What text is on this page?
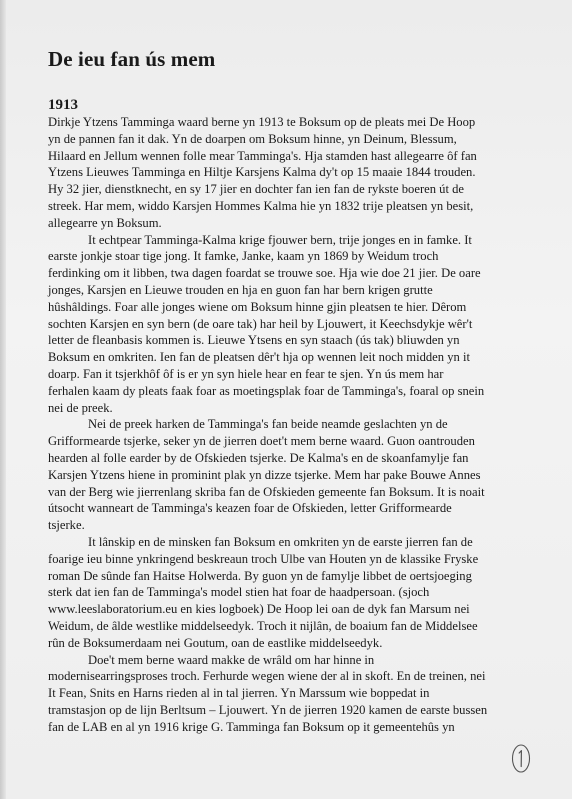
De ieu fan ús mem
1913
Dirkje Ytzens Tamminga waard berne yn 1913 te Boksum op de pleats mei De Hoop
yn de pannen fan it dak. Yn de doarpen om Boksum hinne, yn Deinum, Blessum,
Hilaard en Jellum wennen folle mear Tamminga's. Hja stamden hast allegearre ôf fan
Ytzens Lieuwes Tamminga en Hiltje Karsjens Kalma dy't op 15 maaie 1844 trouden.
Hy 32 jier, dienstknecht, en sy 17 jier en dochter fan ien fan de rykste boeren út de
streek. Har mem, widdo Karsjen Hommes Kalma hie yn 1832 trije pleatsen yn besit,
allegearre yn Boksum.
It echtpear Tamminga-Kalma krige fjouwer bern, trije jonges en in famke. It
earste jonkje stoar tige jong. It famke, Janke, kaam yn 1869 by Weidum troch
ferdinking om it libben, twa dagen foardat se trouwe soe. Hja wie doe 21 jier. De oare
jonges, Karsjen en Lieuwe trouden en hja en guon fan har bern krigen grutte
hûshâldings. Foar alle jonges wiene om Boksum hinne gjin pleatsen te hier. Dêrom
sochten Karsjen en syn bern (de oare tak) har heil by Ljouwert, it Keechsdykje wêr't
letter de fleanbasis kommen is. Lieuwe Ytsens en syn staach (ús tak) bliuwden yn
Boksum en omkriten. Ien fan de pleatsen dêr't hja op wennen leit noch midden yn it
doarp. Fan it tsjerkhôf ôf is er yn syn hiele hear en fear te sjen. Yn ús mem har
ferhalen kaam dy pleats faak foar as moetingsplak foar de Tamminga's, foaral op snein
nei de preek.
Nei de preek harken de Tamminga's fan beide neamde geslachten yn de
Grifformearde tsjerke, seker yn de jierren doet't mem berne waard. Guon oantrouden
hearden al folle earder by de Ofskieden tsjerke. De Kalma's en de skoanfamylje fan
Karsjen Ytzens hiene in prominint plak yn dizze tsjerke. Mem har pake Bouwe Annes
van der Berg wie jierrenlang skriba fan de Ofskieden gemeente fan Boksum. It is noait
útsocht wanneart de Tamminga's keazen foar de Ofskieden, letter Grifformearde
tsjerke.
It lânskip en de minsken fan Boksum en omkriten yn de earste jierren fan de
foarige ieu binne ynkringend beskreaun troch Ulbe van Houten yn de klassike Fryske
roman De sûnde fan Haitse Holwerda. By guon yn de famylje libbet de oertsjoeging
sterk dat ien fan de Tamminga's model stien hat foar de haadpersoan. (sjoch
www.leeslaboratorium.eu en kies logboek) De Hoop lei oan de dyk fan Marsum nei
Weidum, de âlde westlike middelseedyk. Troch it nijlân, de boaium fan de Middelsee
rûn de Boksumerdaam nei Goutum, oan de eastlike middelseedyk.
Doe't mem berne waard makke de wrâld om har hinne in
modernisearringsproses troch. Ferhurde wegen wiene der al in skoft. En de treinen, nei
It Fean, Snits en Harns rieden al in tal jierren. Yn Marssum wie boppedat in
tramstasjon op de lijn Berltsum – Ljouwert. Yn de jierren 1920 kamen de earste bussen
fan de LAB en al yn 1916 krige G. Tamminga fan Boksum op it gemeentehûs yn
